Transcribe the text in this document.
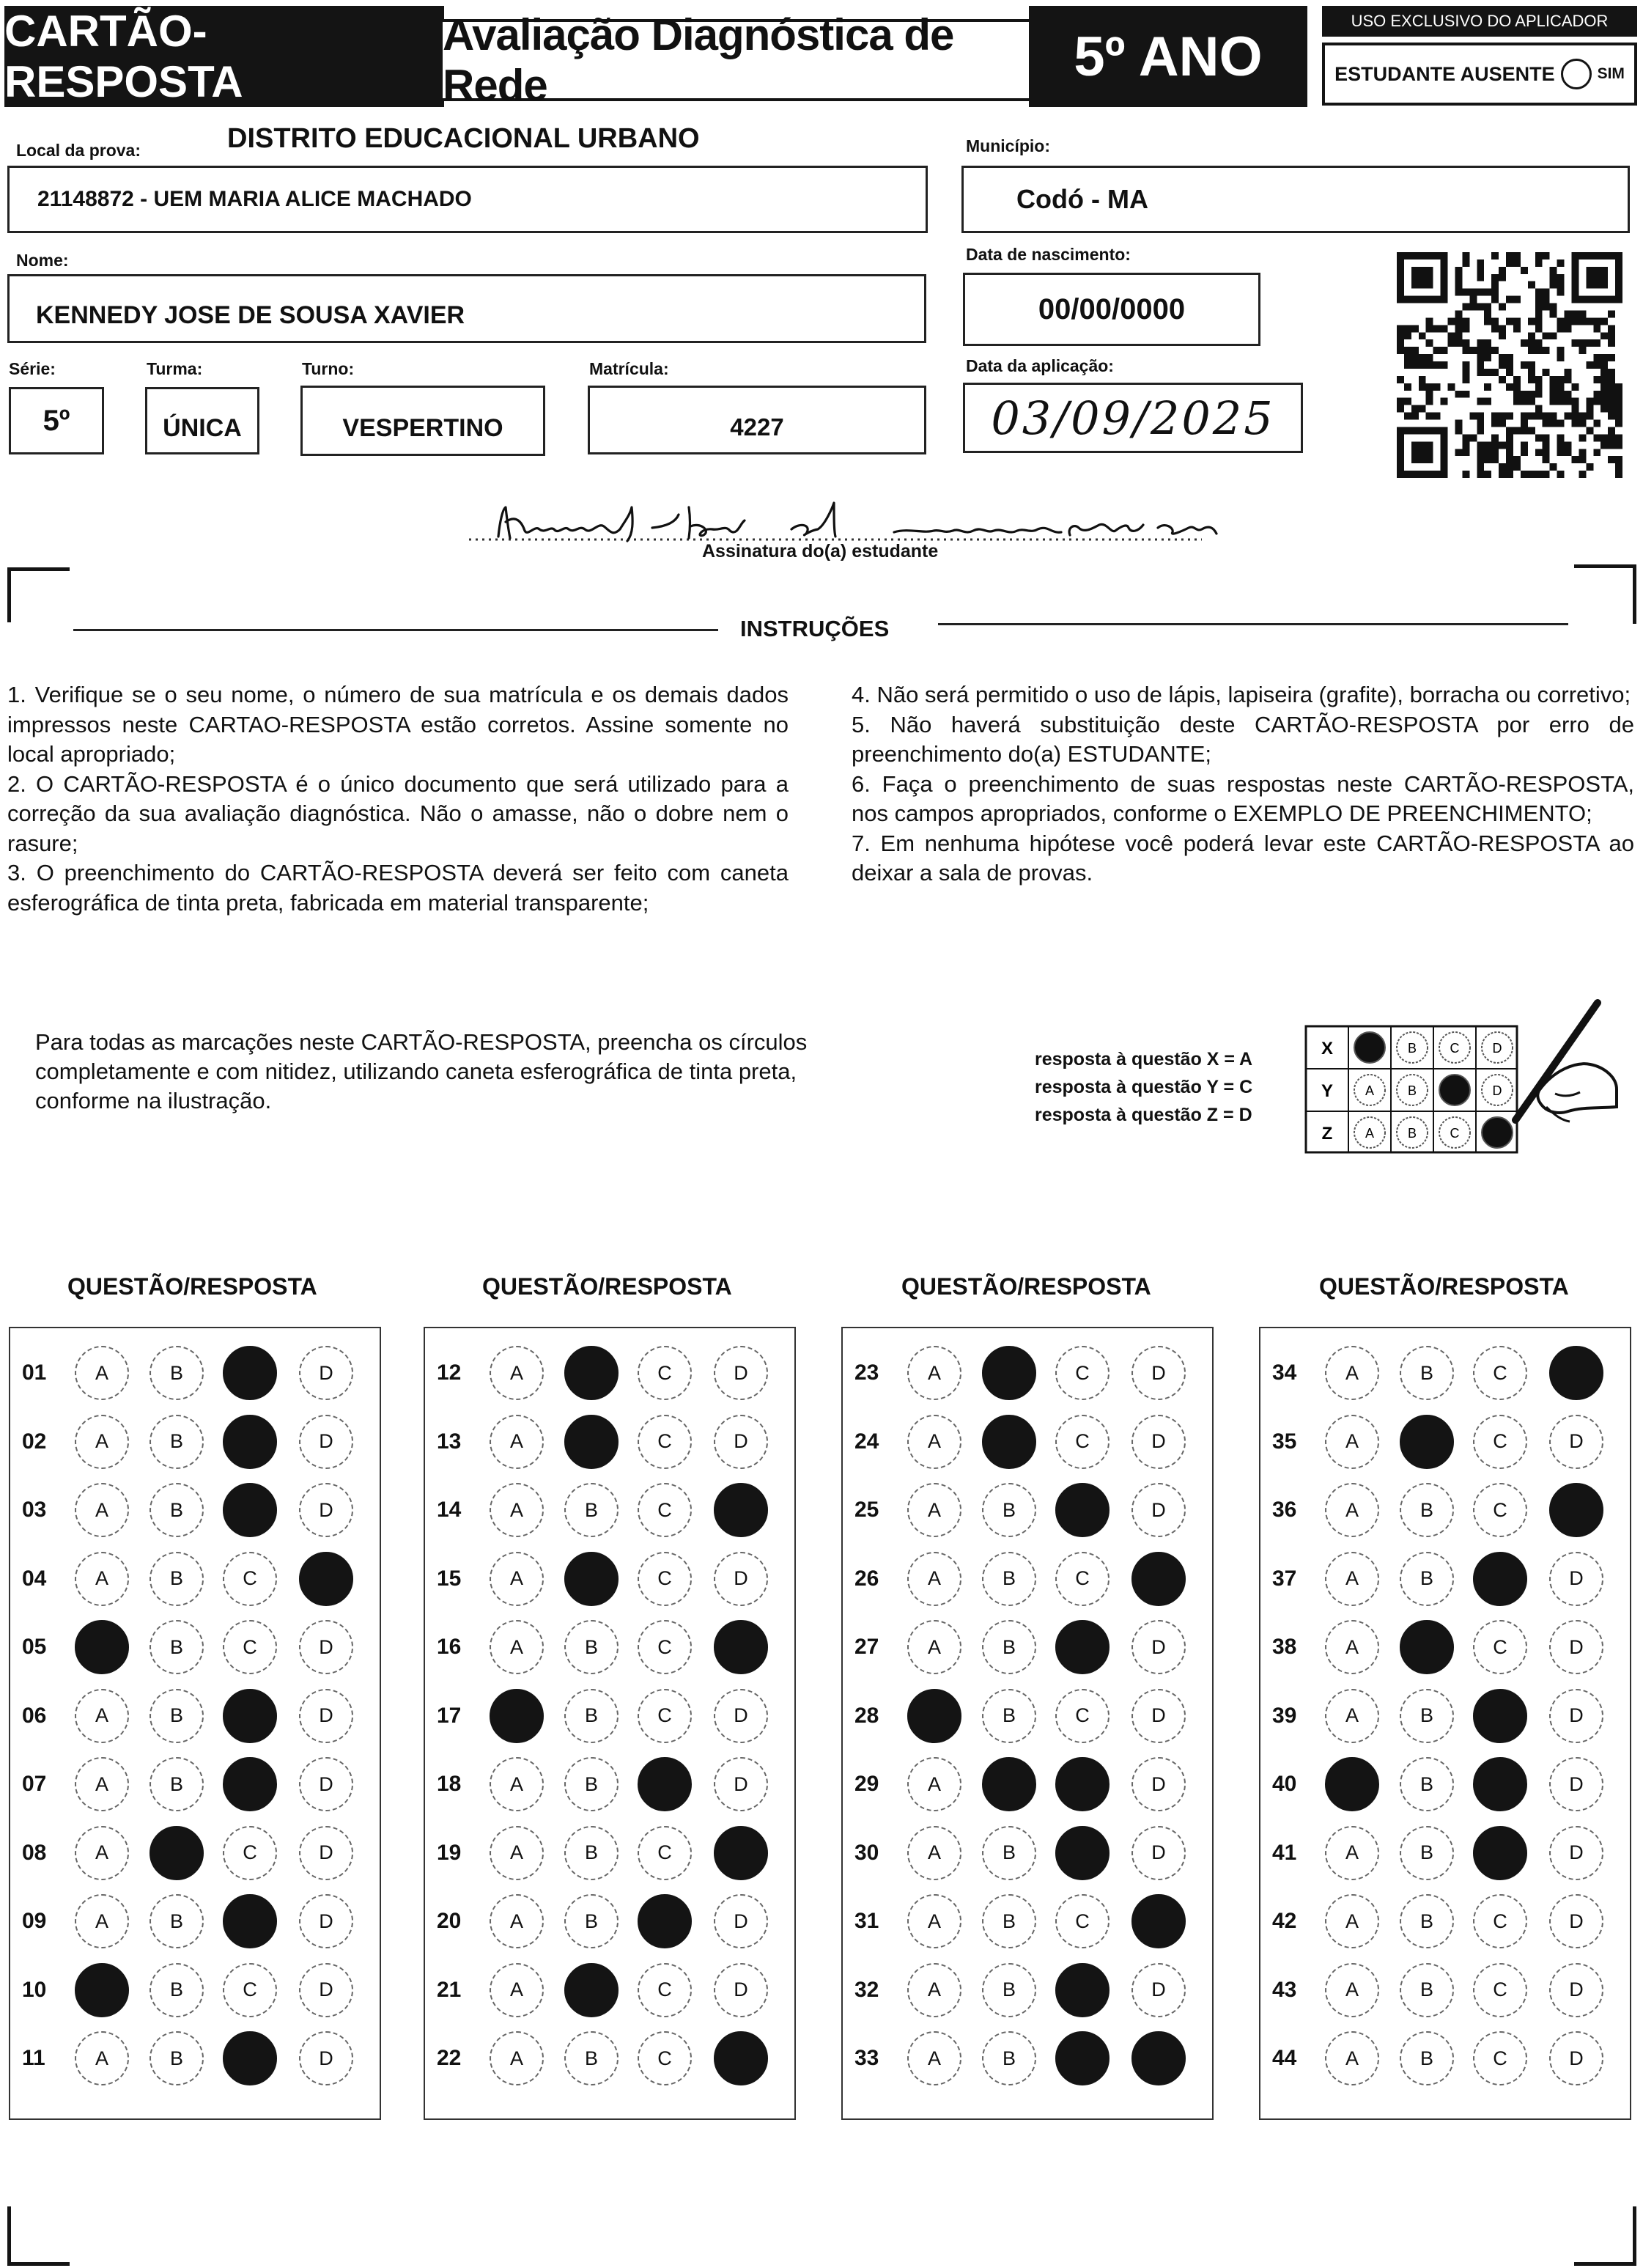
CARTÃO-RESPOSTA
Avaliação Diagnóstica de Rede	5º ANO
USO EXCLUSIVO DO APLICADOR
ESTUDANTE AUSENTE	SIM
Local da prova:	DISTRITO EDUCACIONAL URBANO
21148872 - UEM MARIA ALICE MACHADO
Município:
Codó - MA
Nome:
KENNEDY JOSE DE SOUSA XAVIER
Data de nascimento:
00/00/0000
Série:
5º
Turma:
ÚNICA
Turno:
VESPERTINO
Matrícula:
4227
Data da aplicação:
03/09/2025
Assinatura do(a) estudante
INSTRUÇÕES

1. Verifique se o seu nome, o número de sua matrícula e os demais dados impressos neste CARTAO-RESPOSTA estão corretos. Assine somente no local apropriado;

2. O CARTÃO-RESPOSTA é o único documento que será utilizado para a correção da sua avaliação diagnóstica. Não o amasse, não o dobre nem o rasure;

3. O preenchimento do CARTÃO-RESPOSTA deverá ser feito com caneta esferográfica de tinta preta, fabricada em material transparente;

4. Não será permitido o uso de lápis, lapiseira (grafite), borracha ou corretivo;

5. Não haverá substituição deste CARTÃO-RESPOSTA por erro de preenchimento do(a) ESTUDANTE;

6. Faça o preenchimento de suas respostas neste CARTÃO-RESPOSTA, nos campos apropriados, conforme o EXEMPLO DE PREENCHIMENTO;

7. Em nenhuma hipótese você poderá levar este CARTÃO-RESPOSTA ao deixar a sala de provas.

Para todas as marcações neste CARTÃO-RESPOSTA, preencha os círculos completamente e com nitidez, utilizando caneta esferográfica de tinta preta, conforme na ilustração.
resposta à questão X = A
resposta à questão Y = C
resposta à questão Z = D
X	B	C	D
Y A	B	D
Z A	B	C
QUESTÃO/RESPOSTA	QUESTÃO/RESPOSTA	QUESTÃO/RESPOSTA	QUESTÃO/RESPOSTA
01	A	B	D
02	A	B	D
03	A	B	D
04	A	B	C
05	B	C	D
06	A	B	D
07	A	B	D
08	A	C	D
09	A	B	D
10	B	C	D
11	A	B	D
12	A	C	D
13	A	C	D
14	A	B	C
15	A	C	D
16	A	B	C
17	B	C	D
18	A	B	D
19	A	B	C
20	A	B	D
21	A	C	D
22	A	B	C
23	A	C	D
24	A	C	D
25	A	B	D
26	A	B	C
27	A	B	D
28	B	C	D
29	A	D
30	A	B	D
31	A	B	C
32	A	B	D
33	A	B
34	A	B	C
35	A	C	D
36	A	B	C
37	A	B	D
38	A	C	D
39	A	B	D
40	B	D
41	A	B	D
42	A	B	C	D
43	A	B	C	D
44	A	B	C	D
